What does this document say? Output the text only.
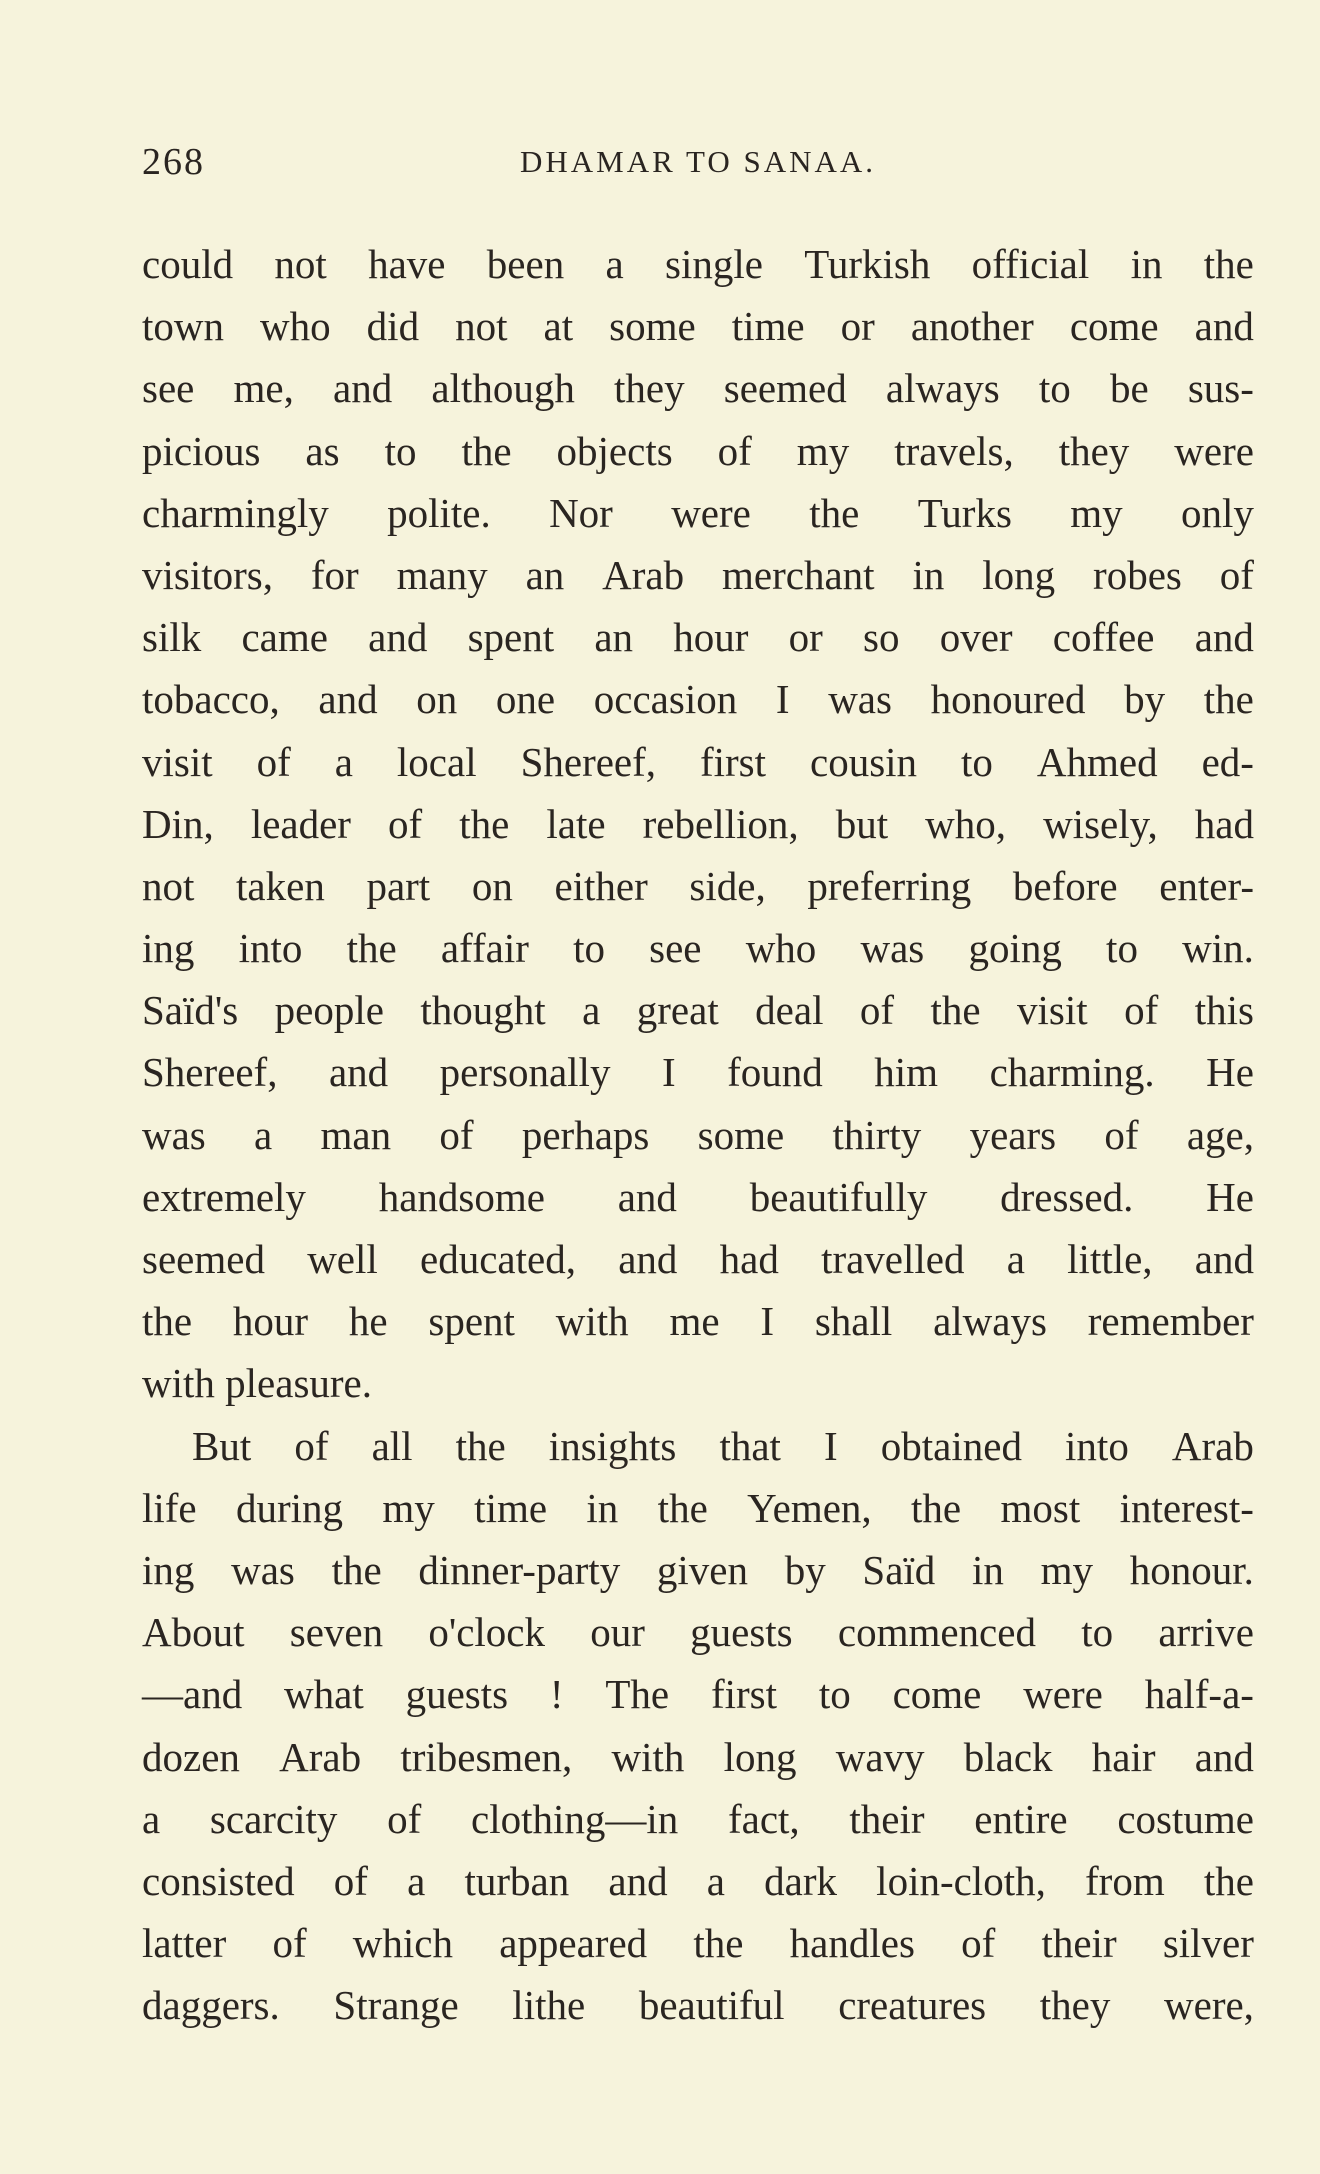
268	DHAMAR TO SANAA.
could not have been a single Turkish official in the
town who did not at some time or another come and
see me, and although they seemed always to be sus-
picious as to the objects of my travels, they were
charmingly polite. Nor were the Turks my only
visitors, for many an Arab merchant in long robes of
silk came and spent an hour or so over coffee and
tobacco, and on one occasion I was honoured by the
visit of a local Shereef, first cousin to Ahmed ed-
Din, leader of the late rebellion, but who, wisely, had
not taken part on either side, preferring before enter-
ing into the affair to see who was going to win.
Saïd's people thought a great deal of the visit of this
Shereef, and personally I found him charming. He
was a man of perhaps some thirty years of age,
extremely handsome and beautifully dressed. He
seemed well educated, and had travelled a little, and
the hour he spent with me I shall always remember
with pleasure.
But of all the insights that I obtained into Arab
life during my time in the Yemen, the most interest-
ing was the dinner-party given by Saïd in my honour.
About seven o'clock our guests commenced to arrive
—and what guests ! The first to come were half-a-
dozen Arab tribesmen, with long wavy black hair and
a scarcity of clothing—in fact, their entire costume
consisted of a turban and a dark loin-cloth, from the
latter of which appeared the handles of their silver
daggers. Strange lithe beautiful creatures they were,
